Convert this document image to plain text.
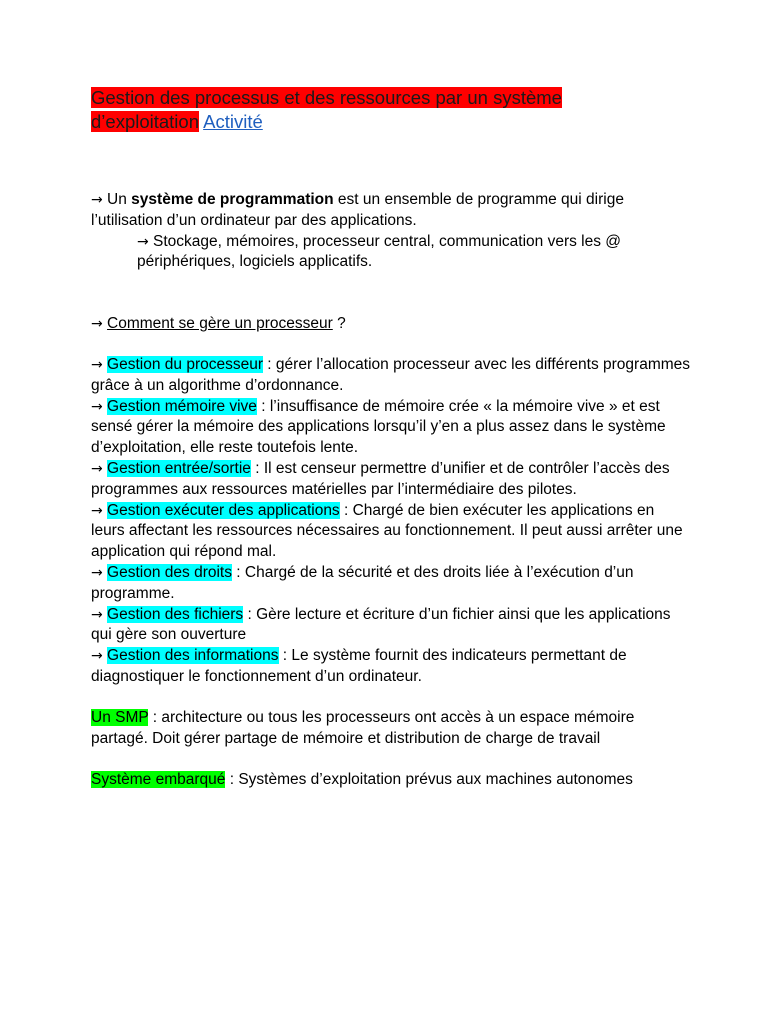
Gestion des processus et des ressources par un système
d’exploitation Activité

→ Un système de programmation est un ensemble de programme qui dirige l’utilisation d’un ordinateur par des applications.

→ Stockage, mémoires, processeur central, communication vers les @ périphériques, logiciels applicatifs.

→ Comment se gère un processeur ?

→ Gestion du processeur : gérer l’allocation processeur avec les différents programmes grâce à un algorithme d’ordonnance.

→ Gestion mémoire vive : l’insuffisance de mémoire crée « la mémoire vive » et est sensé gérer la mémoire des applications lorsqu’il y’en a plus assez dans le système d’exploitation, elle reste toutefois lente.

→ Gestion entrée/sortie : Il est censeur permettre d’unifier et de contrôler l’accès des programmes aux ressources matérielles par l’intermédiaire des pilotes.

→ Gestion exécuter des applications : Chargé de bien exécuter les applications en leurs affectant les ressources nécessaires au fonctionnement. Il peut aussi arrêter une application qui répond mal.

→ Gestion des droits : Chargé de la sécurité et des droits liée à l’exécution d’un programme.

→ Gestion des fichiers : Gère lecture et écriture d’un fichier ainsi que les applications qui gère son ouverture

→ Gestion des informations : Le système fournit des indicateurs permettant de diagnostiquer le fonctionnement d’un ordinateur.

Un SMP : architecture ou tous les processeurs ont accès à un espace mémoire partagé. Doit gérer partage de mémoire et distribution de charge de travail

Système embarqué : Systèmes d’exploitation prévus aux machines autonomes
